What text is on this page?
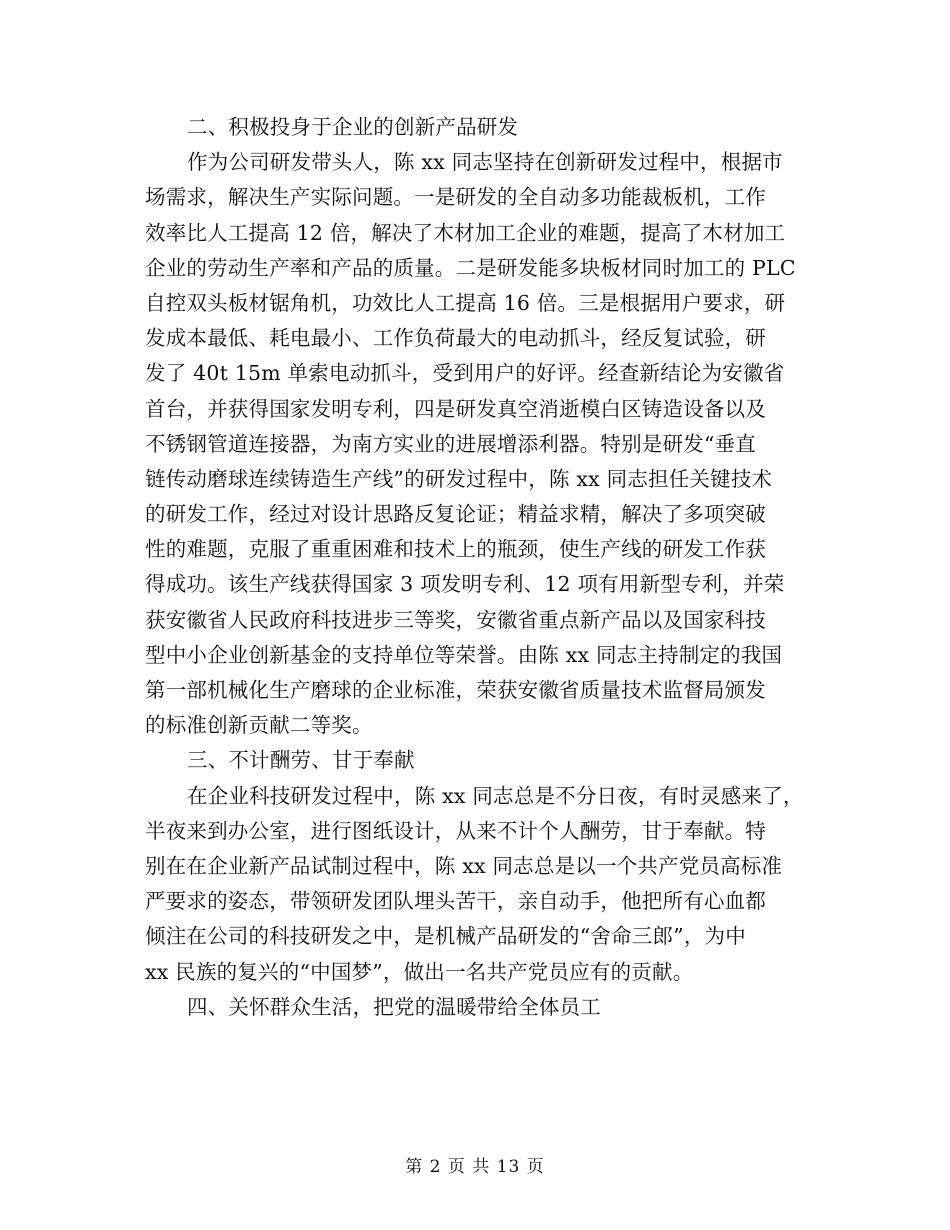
二、积极投身于企业的创新产品研发
作为公司研发带头人，陈 xx 同志坚持在创新研发过程中，根据市
场需求，解决生产实际问题。一是研发的全自动多功能裁板机，工作
效率比人工提高 12 倍，解决了木材加工企业的难题，提高了木材加工
企业的劳动生产率和产品的质量。二是研发能多块板材同时加工的 PLC
自控双头板材锯角机，功效比人工提高 16 倍。三是根据用户要求，研
发成本最低、耗电最小、工作负荷最大的电动抓斗，经反复试验，研
发了 40t 15m 单索电动抓斗，受到用户的好评。经查新结论为安徽省
首台，并获得国家发明专利，四是研发真空消逝模白区铸造设备以及
不锈钢管道连接器，为南方实业的进展增添利器。特别是研发“垂直
链传动磨球连续铸造生产线”的研发过程中，陈 xx 同志担任关键技术
的研发工作，经过对设计思路反复论证；精益求精，解决了多项突破
性的难题，克服了重重困难和技术上的瓶颈，使生产线的研发工作获
得成功。该生产线获得国家 3 项发明专利、12 项有用新型专利，并荣
获安徽省人民政府科技进步三等奖，安徽省重点新产品以及国家科技
型中小企业创新基金的支持单位等荣誉。由陈 xx 同志主持制定的我国
第一部机械化生产磨球的企业标准，荣获安徽省质量技术监督局颁发
的标准创新贡献二等奖。
三、不计酬劳、甘于奉献
在企业科技研发过程中，陈 xx 同志总是不分日夜，有时灵感来了，
半夜来到办公室，进行图纸设计，从来不计个人酬劳，甘于奉献。特
别在在企业新产品试制过程中，陈 xx 同志总是以一个共产党员高标准
严要求的姿态，带领研发团队埋头苦干，亲自动手，他把所有心血都
倾注在公司的科技研发之中，是机械产品研发的“舍命三郎”，为中
xx 民族的复兴的“中国梦”，做出一名共产党员应有的贡献。
四、关怀群众生活，把党的温暖带给全体员工
第 2 页 共 13 页
